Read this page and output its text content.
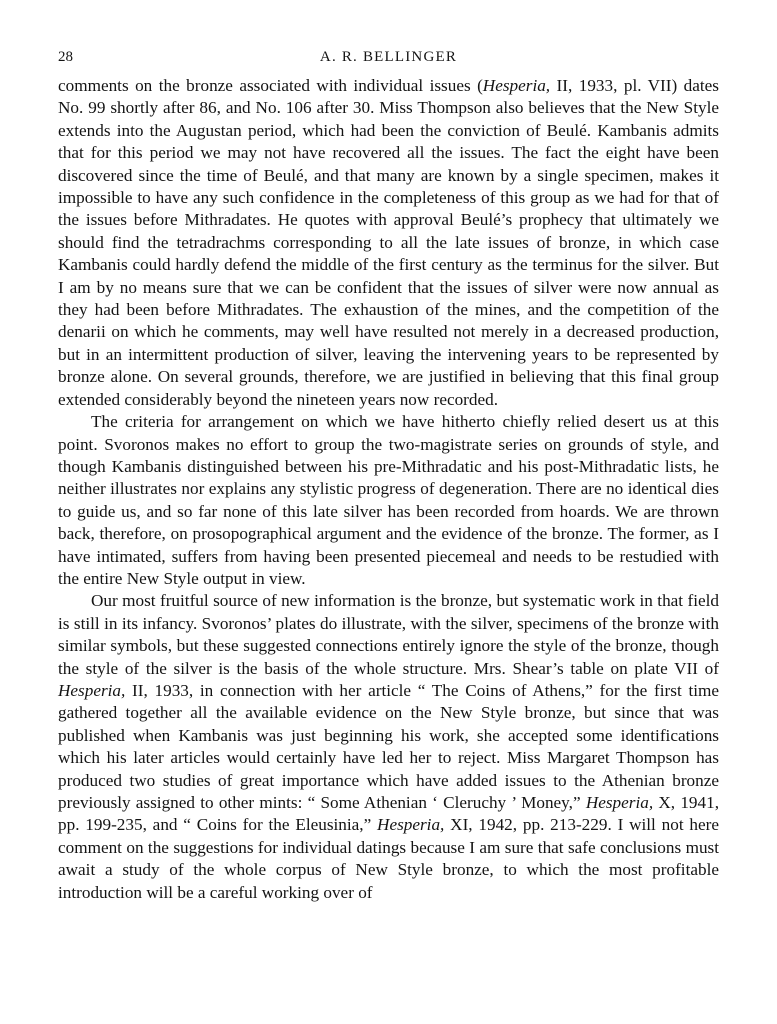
28	A. R. BELLINGER

comments on the bronze associated with individual issues (Hesperia, II, 1933, pl. VII) dates No. 99 shortly after 86, and No. 106 after 30. Miss Thompson also believes that the New Style extends into the Augustan period, which had been the conviction of Beulé. Kambanis admits that for this period we may not have recovered all the issues. The fact the eight have been discovered since the time of Beulé, and that many are known by a single specimen, makes it impossible to have any such confidence in the completeness of this group as we had for that of the issues before Mithradates. He quotes with approval Beulé’s prophecy that ultimately we should find the tetradrachms corresponding to all the late issues of bronze, in which case Kambanis could hardly defend the middle of the first century as the terminus for the silver. But I am by no means sure that we can be confident that the issues of silver were now annual as they had been before Mithradates. The exhaustion of the mines, and the competition of the denarii on which he comments, may well have resulted not merely in a decreased production, but in an intermittent production of silver, leaving the intervening years to be represented by bronze alone. On several grounds, therefore, we are justified in believing that this final group extended considerably beyond the nineteen years now recorded.

The criteria for arrangement on which we have hitherto chiefly relied desert us at this point. Svoronos makes no effort to group the two-magistrate series on grounds of style, and though Kambanis distinguished between his pre-Mithradatic and his post-Mithradatic lists, he neither illustrates nor explains any stylistic progress of degeneration. There are no identical dies to guide us, and so far none of this late silver has been recorded from hoards. We are thrown back, therefore, on prosopographical argument and the evidence of the bronze. The former, as I have intimated, suffers from having been presented piecemeal and needs to be restudied with the entire New Style output in view.

Our most fruitful source of new information is the bronze, but systematic work in that field is still in its infancy. Svoronos’ plates do illustrate, with the silver, specimens of the bronze with similar symbols, but these suggested connections entirely ignore the style of the bronze, though the style of the silver is the basis of the whole structure. Mrs. Shear’s table on plate VII of Hesperia, II, 1933, in connection with her article “ The Coins of Athens,” for the first time gathered together all the available evidence on the New Style bronze, but since that was published when Kambanis was just beginning his work, she accepted some identifications which his later articles would certainly have led her to reject. Miss Margaret Thompson has produced two studies of great importance which have added issues to the Athenian bronze previously assigned to other mints: “ Some Athenian ‘ Cleruchy ’ Money,” Hesperia, X, 1941, pp. 199-235, and “ Coins for the Eleusinia,” Hesperia, XI, 1942, pp. 213-229. I will not here comment on the suggestions for individual datings because I am sure that safe conclusions must await a study of the whole corpus of New Style bronze, to which the most profitable introduction will be a careful working over of
